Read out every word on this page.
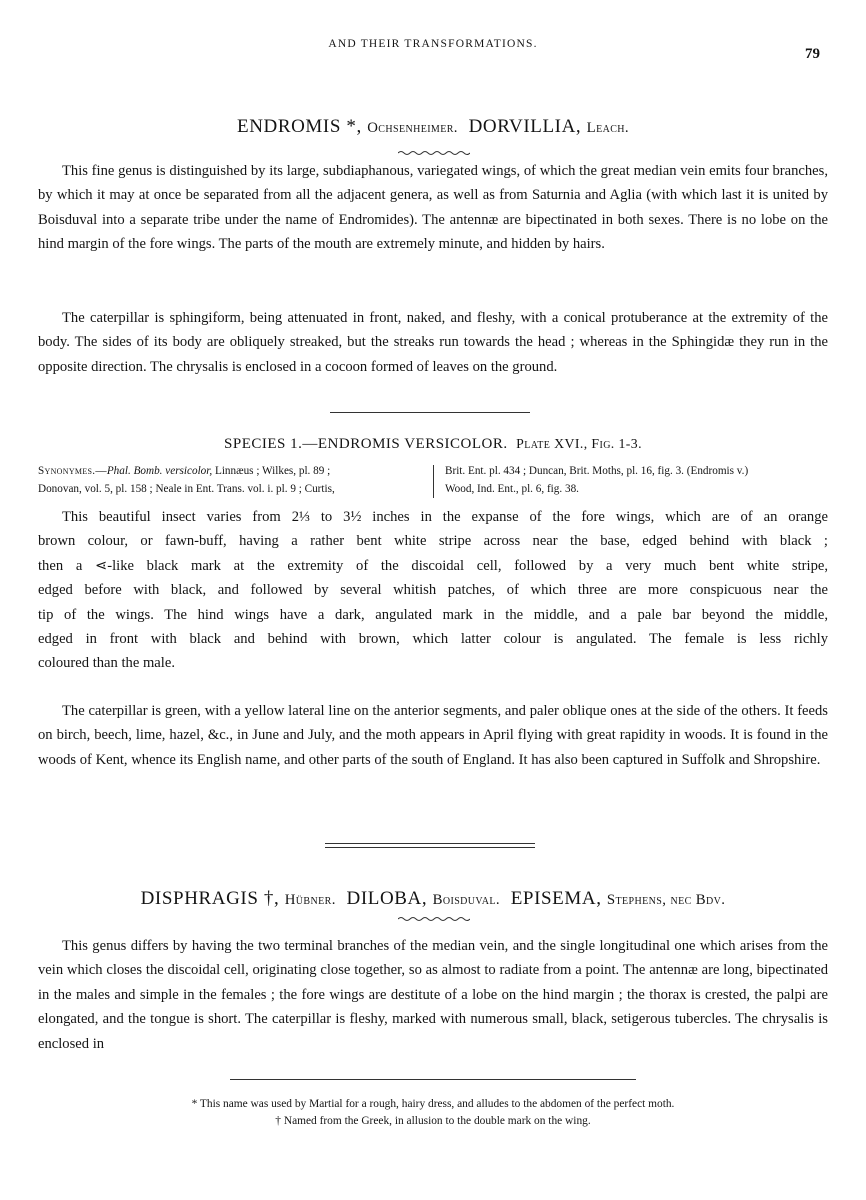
AND THEIR TRANSFORMATIONS.
79
ENDROMIS *, Ochsenheimer. DORVILLIA, Leach.

This fine genus is distinguished by its large, subdiaphanous, variegated wings, of which the great median vein emits four branches, by which it may at once be separated from all the adjacent genera, as well as from Saturnia and Aglia (with which last it is united by Boisduval into a separate tribe under the name of Endromides). The antennæ are bipectinated in both sexes. There is no lobe on the hind margin of the fore wings. The parts of the mouth are extremely minute, and hidden by hairs.

The caterpillar is sphingiform, being attenuated in front, naked, and fleshy, with a conical protuberance at the extremity of the body. The sides of its body are obliquely streaked, but the streaks run towards the head ; whereas in the Sphingidæ they run in the opposite direction. The chrysalis is enclosed in a cocoon formed of leaves on the ground.

SPECIES 1.—ENDROMIS VERSICOLOR. Plate XVI., Fig. 1-3.
Synonymes.—Phal. Bomb. versicolor, Linnæus ; Wilkes, pl. 89 ;
Donovan, vol. 5, pl. 158 ; Neale in Ent. Trans. vol. i. pl. 9 ; Curtis,
Brit. Ent. pl. 434 ; Duncan, Brit. Moths, pl. 16, fig. 3. (Endromis v.)
Wood, Ind. Ent., pl. 6, fig. 38.
This beautiful insect varies from 2⅓ to 3½ inches in the expanse of the fore wings, which are of an orange
brown colour, or fawn-buff, having a rather bent white stripe across near the base, edged behind with black ;
then a ⋖-like black mark at the extremity of the discoidal cell, followed by a very much bent white stripe,
edged before with black, and followed by several whitish patches, of which three are more conspicuous near the
tip of the wings. The hind wings have a dark, angulated mark in the middle, and a pale bar beyond the middle,
edged in front with black and behind with brown, which latter colour is angulated. The female is less richly
coloured than the male.

The caterpillar is green, with a yellow lateral line on the anterior segments, and paler oblique ones at the side of the others. It feeds on birch, beech, lime, hazel, &c., in June and July, and the moth appears in April flying with great rapidity in woods. It is found in the woods of Kent, whence its English name, and other parts of the south of England. It has also been captured in Suffolk and Shropshire.

DISPHRAGIS †, Hübner. DILOBA, Boisduval. EPISEMA, Stephens, nec Bdv.

This genus differs by having the two terminal branches of the median vein, and the single longitudinal one which arises from the vein which closes the discoidal cell, originating close together, so as almost to radiate from a point. The antennæ are long, bipectinated in the males and simple in the females ; the fore wings are destitute of a lobe on the hind margin ; the thorax is crested, the palpi are elongated, and the tongue is short. The caterpillar is fleshy, marked with numerous small, black, setigerous tubercles. The chrysalis is enclosed in

* This name was used by Martial for a rough, hairy dress, and alludes to the abdomen of the perfect moth.
† Named from the Greek, in allusion to the double mark on the wing.
